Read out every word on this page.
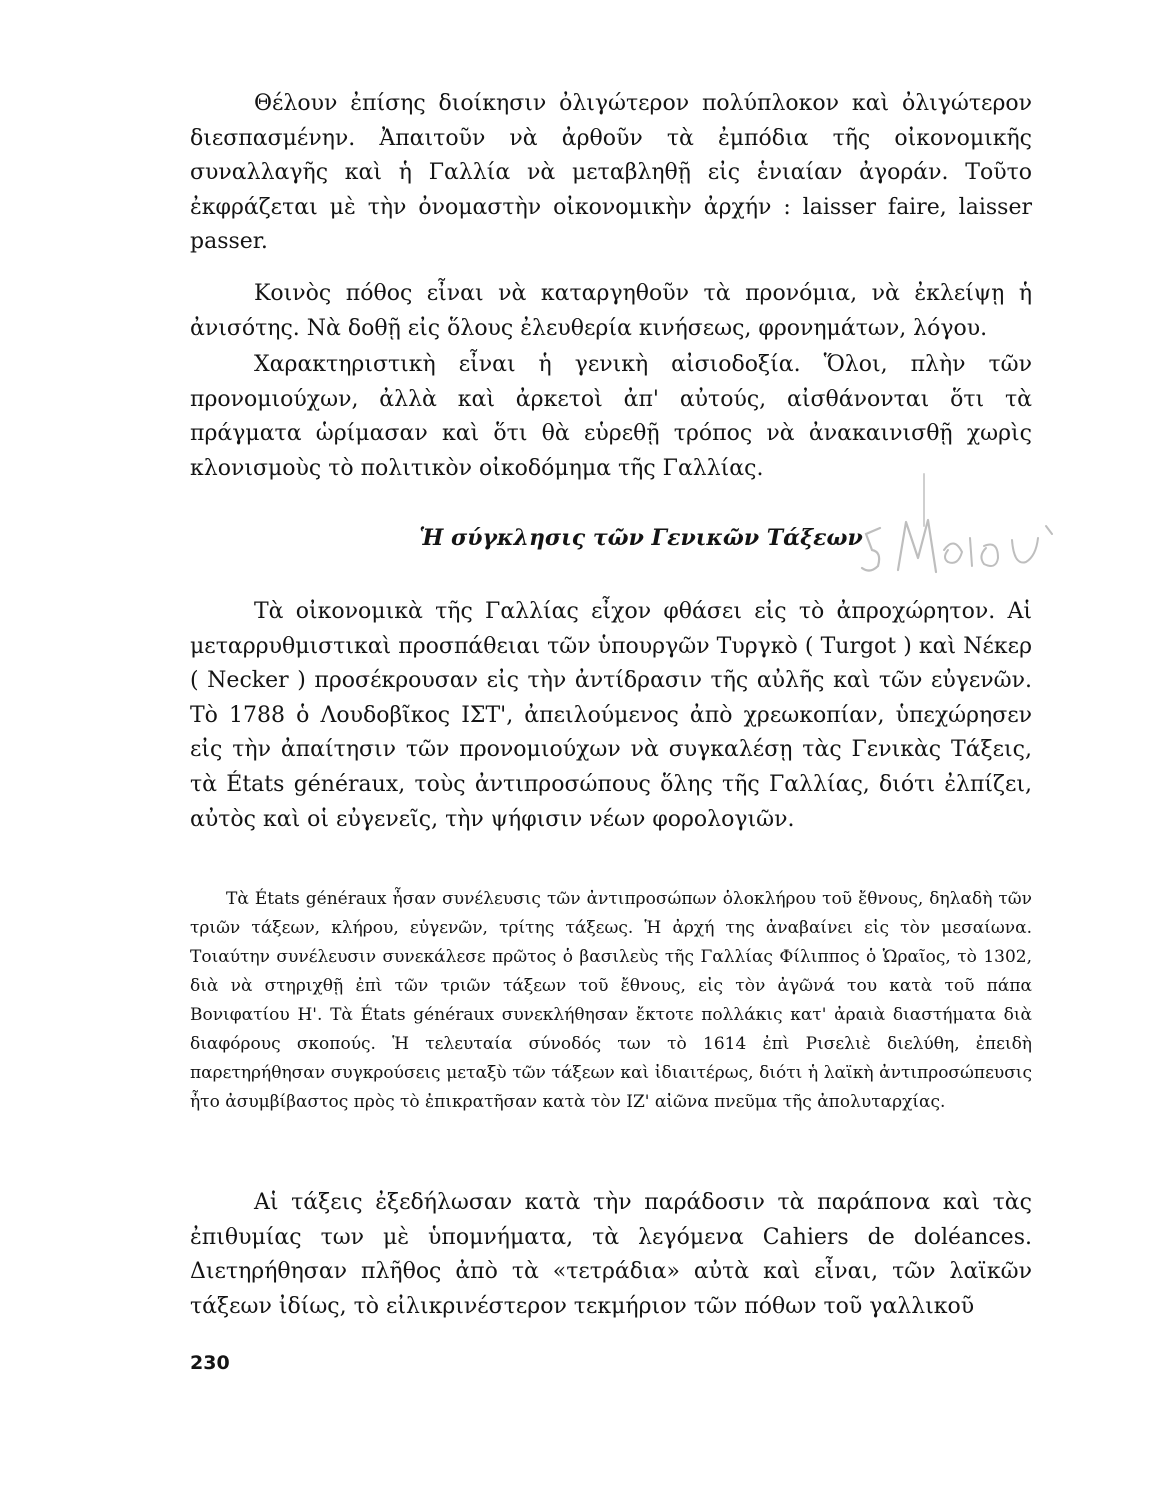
Θέλουν ἐπίσης διοίκησιν ὀλιγώτερον πολύπλοκον καὶ ὀλιγώτερον διεσπασμένην. Ἀπαιτοῦν νὰ ἀρθοῦν τὰ ἐμπόδια τῆς οἰκονομικῆς συναλλαγῆς καὶ ἡ Γαλλία νὰ μεταβληθῇ εἰς ἑνιαίαν ἀγοράν. Τοῦτο ἐκφράζεται μὲ τὴν ὀνομαστὴν οἰκονομικὴν ἀρχήν : laisser faire, laisser passer.

Κοινὸς πόθος εἶναι νὰ καταργηθοῦν τὰ προνόμια, νὰ ἐκλείψῃ ἡ ἀνισότης. Νὰ δοθῇ εἰς ὅλους ἐλευθερία κινήσεως, φρονημάτων, λόγου.

Χαρακτηριστικὴ εἶναι ἡ γενικὴ αἰσιοδοξία. Ὅλοι, πλὴν τῶν προνομιούχων, ἀλλὰ καὶ ἀρκετοὶ ἀπ' αὐτούς, αἰσθάνονται ὅτι τὰ πράγματα ὡρίμασαν καὶ ὅτι θὰ εὑρεθῇ τρόπος νὰ ἀνακαινισθῇ χωρὶς κλονισμοὺς τὸ πολιτικὸν οἰκοδόμημα τῆς Γαλλίας.

Ἡ σύγκλησις τῶν Γενικῶν Τάξεων

Τὰ οἰκονομικὰ τῆς Γαλλίας εἶχον φθάσει εἰς τὸ ἀπροχώρητον. Αἱ μεταρρυθμιστικαὶ προσπάθειαι τῶν ὑπουργῶν Τυργκὸ ( Turgot ) καὶ Νέκερ ( Necker ) προσέκρουσαν εἰς τὴν ἀντίδρασιν τῆς αὐλῆς καὶ τῶν εὐγενῶν. Τὸ 1788 ὁ Λουδοβῖκος ΙΣΤ', ἀπειλούμενος ἀπὸ χρεωκοπίαν, ὑπεχώρησεν εἰς τὴν ἀπαίτησιν τῶν προνομιούχων νὰ συγκαλέσῃ τὰς Γενικὰς Τάξεις, τὰ États généraux, τοὺς ἀντιπροσώπους ὅλης τῆς Γαλλίας, διότι ἐλπίζει, αὐτὸς καὶ οἱ εὐγενεῖς, τὴν ψήφισιν νέων φορολογιῶν.

Τὰ États généraux ἦσαν συνέλευσις τῶν ἀντιπροσώπων ὁλοκλήρου τοῦ ἔθνους, δηλαδὴ τῶν τριῶν τάξεων, κλήρου, εὐγενῶν, τρίτης τάξεως. Ἡ ἀρχή της ἀναβαίνει εἰς τὸν μεσαίωνα. Τοιαύτην συνέλευσιν συνεκάλεσε πρῶτος ὁ βασιλεὺς τῆς Γαλλίας Φίλιππος ὁ Ὡραῖος, τὸ 1302, διὰ νὰ στηριχθῇ ἐπὶ τῶν τριῶν τάξεων τοῦ ἔθνους, εἰς τὸν ἀγῶνά του κατὰ τοῦ πάπα Βονιφατίου Η'. Τὰ États généraux συνεκλήθησαν ἔκτοτε πολλάκις κατ' ἀραιὰ διαστήματα διὰ διαφόρους σκοπούς. Ἡ τελευταία σύνοδός των τὸ 1614 ἐπὶ Ρισελιὲ διελύθη, ἐπειδὴ παρετηρήθησαν συγκρούσεις μεταξὺ τῶν τάξεων καὶ ἰδιαιτέρως, διότι ἡ λαϊκὴ ἀντιπροσώπευσις ἦτο ἀσυμβίβαστος πρὸς τὸ ἐπικρατῆσαν κατὰ τὸν ΙΖ' αἰῶνα πνεῦμα τῆς ἀπολυταρχίας.

Αἱ τάξεις ἐξεδήλωσαν κατὰ τὴν παράδοσιν τὰ παράπονα καὶ τὰς ἐπιθυμίας των μὲ ὑπομνήματα, τὰ λεγόμενα Cahiers de doléances. Διετηρήθησαν πλῆθος ἀπὸ τὰ «τετράδια» αὐτὰ καὶ εἶναι, τῶν λαϊκῶν τάξεων ἰδίως, τὸ εἰλικρινέστερον τεκμήριον τῶν πόθων τοῦ γαλλικοῦ

230
